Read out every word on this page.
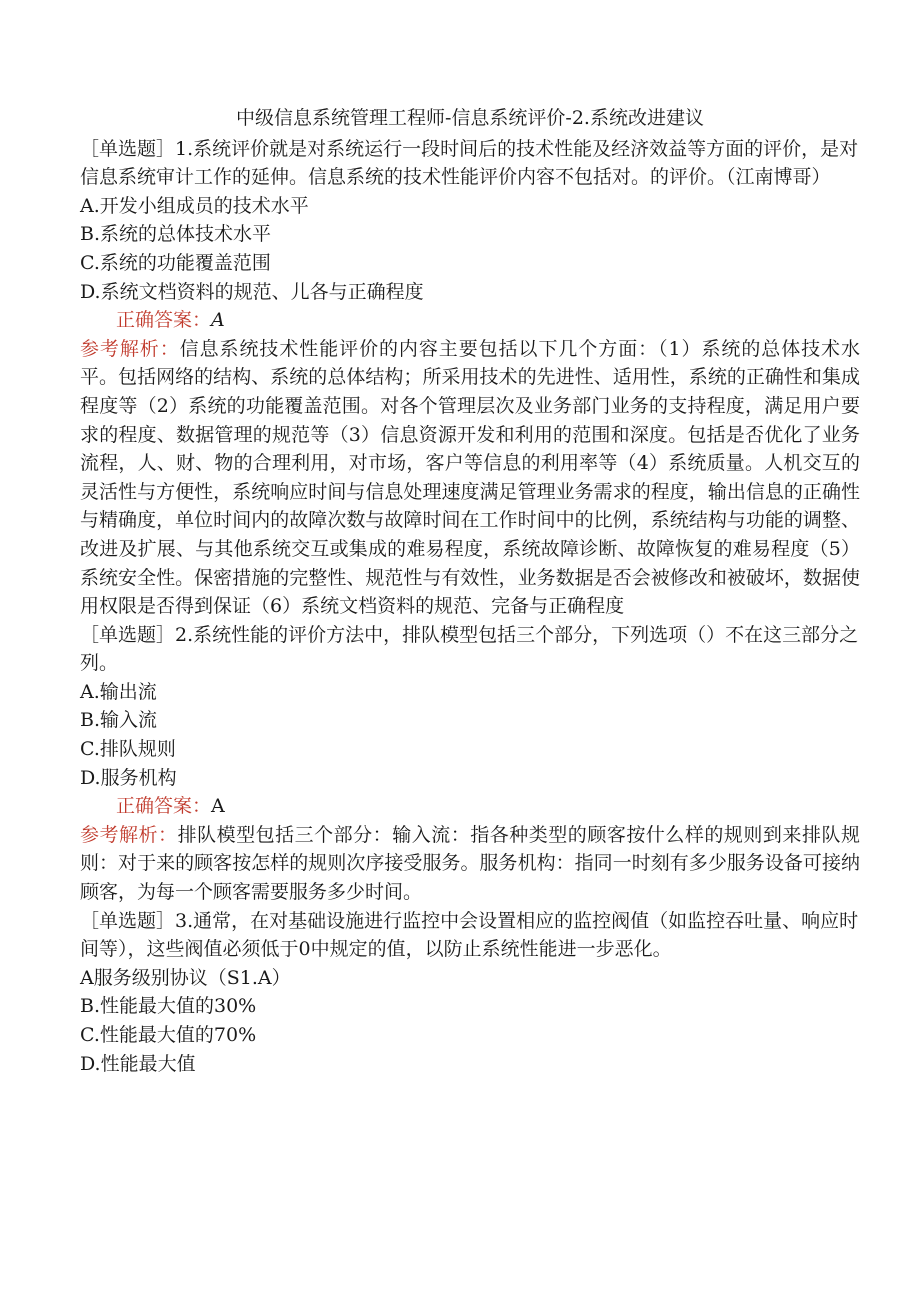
中级信息系统管理工程师-信息系统评价-2.系统改进建议

［单选题］1.系统评价就是对系统运行一段时间后的技术性能及经济效益等方面的评价，是对信息系统审计工作的延伸。信息系统的技术性能评价内容不包括对。的评价。（江南博哥）

A.开发小组成员的技术水平

B.系统的总体技术水平

C.系统的功能覆盖范围

D.系统文档资料的规范、儿各与正确程度

正确答案：A

参考解析：信息系统技术性能评价的内容主要包括以下几个方面：（1）系统的总体技术水平。包括网络的结构、系统的总体结构；所采用技术的先进性、适用性，系统的正确性和集成程度等（2）系统的功能覆盖范围。对各个管理层次及业务部门业务的支持程度，满足用户要求的程度、数据管理的规范等（3）信息资源开发和利用的范围和深度。包括是否优化了业务流程，人、财、物的合理利用，对市场，客户等信息的利用率等（4）系统质量。人机交互的灵活性与方便性，系统响应时间与信息处理速度满足管理业务需求的程度，输出信息的正确性与精确度，单位时间内的故障次数与故障时间在工作时间中的比例，系统结构与功能的调整、改进及扩展、与其他系统交互或集成的难易程度，系统故障诊断、故障恢复的难易程度（5）系统安全性。保密措施的完整性、规范性与有效性，业务数据是否会被修改和被破坏，数据使用权限是否得到保证（6）系统文档资料的规范、完备与正确程度

［单选题］2.系统性能的评价方法中，排队模型包括三个部分，下列选项（）不在这三部分之列。

A.输出流

B.输入流

C.排队规则

D.服务机构

正确答案：A

参考解析：排队模型包括三个部分：输入流：指各种类型的顾客按什么样的规则到来排队规则：对于来的顾客按怎样的规则次序接受服务。服务机构：指同一时刻有多少服务设备可接纳顾客，为每一个顾客需要服务多少时间。

［单选题］3.通常，在对基础设施进行监控中会设置相应的监控阀值（如监控吞吐量、响应时间等），这些阀值必须低于0中规定的值，以防止系统性能进一步恶化。

A服务级别协议（S1.A）

B.性能最大值的30%

C.性能最大值的70%

D.性能最大值
